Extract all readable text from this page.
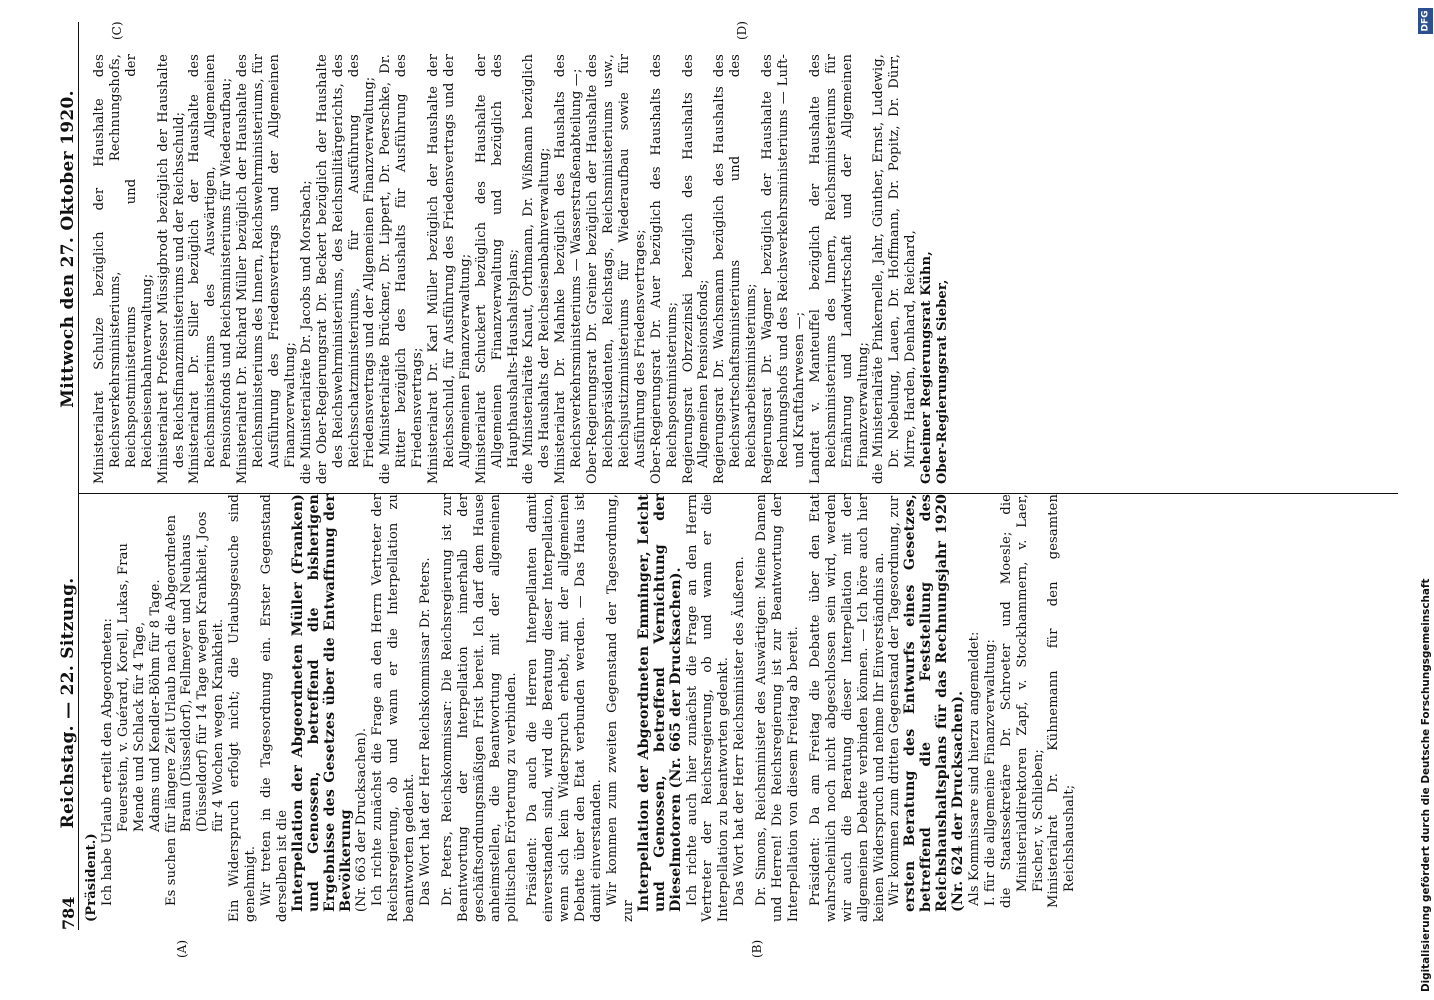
784
Reichstag. — 22. Sitzung.
Mittwoch den 27. Oktober 1920.
(A)	(B)
(C)	(D)

(Präsident.) Ich habe Urlaub erteilt den Abgeordneten: Feuerstein, v. Guérard, Korell, Lukas, Frau Mende und Schlack für 4 Tage, Adams und Kendler-Böhm für 8 Tage. Es suchen für längere Zeit Urlaub nach die Abgeordneten Braun (Düsseldorf), Fellmeyer und Neuhaus (Düsseldorf) für 14 Tage wegen Krankheit, Joos für 4 Wochen wegen Krankheit. Ein Widerspruch erfolgt nicht; die Urlaubsgesuche sind genehmigt. Wir treten in die Tagesordnung ein. Erster Gegenstand derselben ist die Interpellation der Abgeordneten Müller (Franken) und Genossen, betreffend die bisherigen Ergebnisse des Gesetzes über die Entwaffnung der Bevölkerung (Nr. 663 der Drucksachen). Ich richte zunächst die Frage an den Herrn Vertreter der Reichsregierung, ob und wann er die Interpellation zu beantworten gedenkt. Das Wort hat der Herr Reichskommissar Dr. Peters. Dr. Peters, Reichskommissar: Die Reichsregierung ist zur Beantwortung der Interpellation innerhalb der geschäftsordnungsmäßigen Frist bereit. Ich darf dem Hause anheimstellen, die Beantwortung mit der allgemeinen politischen Erörterung zu verbinden. Präsident: Da auch die Herren Interpellanten damit einverstanden sind, wird die Beratung dieser Interpellation, wenn sich kein Widerspruch erhebt, mit der allgemeinen Debatte über den Etat verbunden werden. — Das Haus ist damit einverstanden. Wir kommen zum zweiten Gegenstand der Tagesordnung, zur Interpellation der Abgeordneten Emminger, Leicht und Genossen, betreffend Vernichtung der Dieselmotoren (Nr. 665 der Drucksachen). Ich richte auch hier zunächst die Frage an den Herrn Vertreter der Reichsregierung, ob und wann er die Interpellation zu beantworten gedenkt. Das Wort hat der Herr Reichsminister des Äußeren. Dr. Simons, Reichsminister des Auswärtigen: Meine Damen und Herren! Die Reichsregierung ist zur Beantwortung der Interpellation von diesem Freitag ab bereit. Präsident: Da am Freitag die Debatte über den Etat wahrscheinlich noch nicht abgeschlossen sein wird, werden wir auch die Beratung dieser Interpellation mit der allgemeinen Debatte verbinden können. — Ich höre auch hier keinen Widerspruch und nehme Ihr Einverständnis an. Wir kommen zum dritten Gegenstand der Tagesordnung, zur ersten Beratung des Entwurfs eines Gesetzes, betreffend die Feststellung des Reichshaushaltsplans für das Rechnungsjahr 1920 (Nr. 624 der Drucksachen). Als Kommissare sind hierzu angemeldet: I. für die allgemeine Finanzverwaltung: die Staatssekretäre Dr. Schroeter und Moesle; die Ministerialdirektoren Zapf, v. Stockhammern, v. Laer, Fischer, v. Schlieben; Ministerialrat Dr. Kühnemann für den gesamten Reichshaushalt;

Ministerialrat Schulze bezüglich der Haushalte des Reichsverkehrsministeriums, Rechnungshofs, Reichspostministeriums und der Reichseisenbahnverwaltung; Ministerialrat Professor Müssigbrodt bezüglich der Haushalte des Reichsfinanzministeriums und der Reichsschuld; Ministerialrat Dr. Siller bezüglich der Haushalte des Reichsministeriums des Auswärtigen, Allgemeinen Pensionsfonds und Reichsministeriums für Wiederaufbau; Ministerialrat Dr. Richard Müller bezüglich der Haushalte des Reichsministeriums des Innern, Reichswehrministeriums, für Ausführung des Friedensvertrags und der Allgemeinen Finanzverwaltung; die Ministerialräte Dr. Jacobs und Morsbach; der Ober-Regierungsrat Dr. Beckert bezüglich der Haushalte des Reichswehrministeriums, des Reichsmilitärgerichts, des Reichsschatzministeriums, für Ausführung des Friedensvertrags und der Allgemeinen Finanzverwaltung; die Ministerialräte Brückner, Dr. Lippert, Dr. Poerschke, Dr. Ritter bezüglich des Haushalts für Ausführung des Friedensvertrags; Ministerialrat Dr. Karl Müller bezüglich der Haushalte der Reichsschuld, für Ausführung des Friedensvertrags und der Allgemeinen Finanzverwaltung; Ministerialrat Schuckert bezüglich des Haushalte der Allgemeinen Finanzverwaltung und bezüglich des Haupthaushalts-Haushaltsplans; die Ministerialräte Knaut, Orthmann, Dr. Wißmann bezüglich des Haushalts der Reichseisenbahnverwaltung; Ministerialrat Dr. Mahnke bezüglich des Haushalts des Reichsverkehrsministeriums — Wasserstraßenabteilung —; Ober-Regierungsrat Dr. Greiner bezüglich der Haushalte des Reichspräsidenten, Reichstags, Reichsministeriums usw., Reichsjustizministeriums für Wiederaufbau sowie für Ausführung des Friedensvertrages; Ober-Regierungsrat Dr. Auer bezüglich des Haushalts des Reichspostministeriums; Regierungsrat Obrzezinski bezüglich des Haushalts des Allgemeinen Pensionsfonds; Regierungsrat Dr. Wachsmann bezüglich des Haushalts des Reichswirtschaftsministeriums und des Reichsarbeitsministeriums; Regierungsrat Dr. Wagner bezüglich der Haushalte des Rechnungshofs und des Reichsverkehrsministeriums — Luft- und Kraftfahrwesen —; Landrat v. Manteuffel bezüglich der Haushalte des Reichsministeriums des Innern, Reichsministeriums für Ernährung und Landwirtschaft und der Allgemeinen Finanzverwaltung; die Ministerialräte Pinkernelle, Jahr, Günther, Ernst, Ludewig, Dr. Nebelung, Lauen, Dr. Hoffmann, Dr. Popitz, Dr. Dürr, Mirre, Harden, Denhard, Reichard, Geheimer Regierungsrat Kühn, Ober-Regierungsrat Sieber,

DFG
Digitalisierung gefördert durch die Deutsche Forschungsgemeinschaft
